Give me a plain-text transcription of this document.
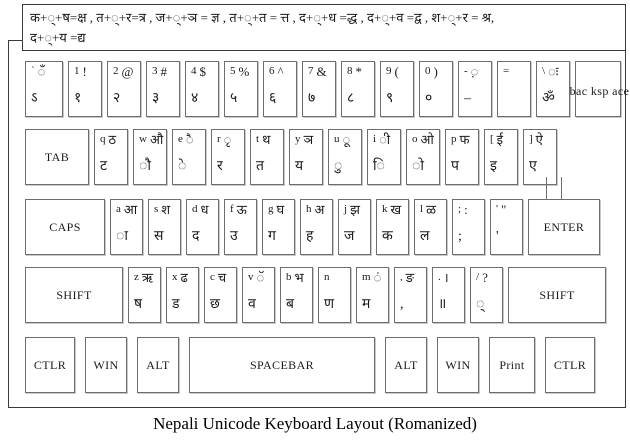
क+◌्+ष=क्ष , त+◌्+र=त्र , ज+◌्+ञ = ज्ञ , त+◌्+त = त्त , द+◌्+ध =द्ध , द+◌्+व =द्व , श+◌्+र = श्र,
द+◌्+य =द्य
` ◌ँ
ऽ
1 !
१
2 @
२
3 #
३
4 $
४
5 %
५
6 ^
६
7 &
७
8 *
८
9 (
९
0 )
०
- ◌़
–
=	\ ◌ः
ॐ
bac ksp ace
TAB
q ठ
ट
w औ
◌ौ
e ◌ै
◌े
r ◌ृ
र
t थ
त
y ञ
य
u ◌ू
◌ु
i ◌ी
◌ि
o ओ
◌ो
p फ
प
[ ई
इ
] ऐ
ए
CAPS
a आ
◌ा
s श
स
d ध
द
f ऊ
उ
g घ
ग
h अ
ह
j झ
ज
k ख
क
l ळ
ल
; :
;
' "
'
ENTER
SHIFT
z ऋ
ष
x ढ
ड
c च
छ
v ◌ॅ
व
b भ
ब
n
ण
m ◌ं
म
, ङ
,
. ।
॥
/ ?
◌्
SHIFT
CTLR WIN ALT	SPACEBAR	ALT WIN Print CTLR
Nepali Unicode Keyboard Layout (Romanized)
